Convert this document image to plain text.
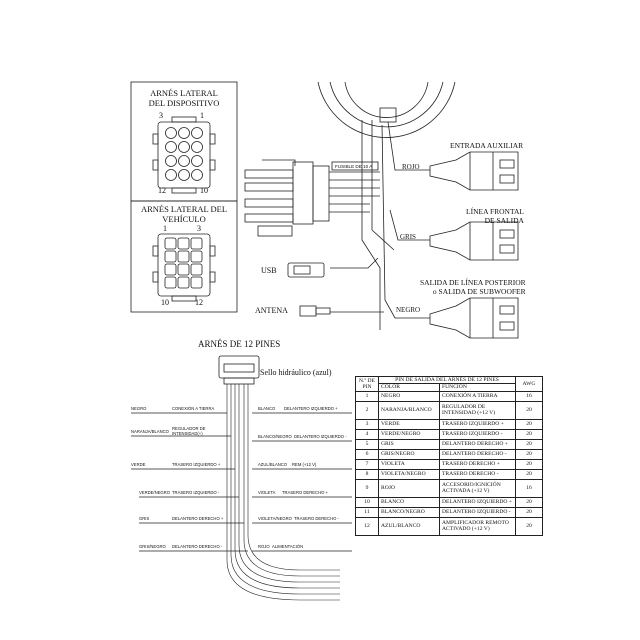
ARNÉS LATERAL
DEL DISPOSITIVO
3	1
12	10
ARNÉS LATERAL DEL
VEHÍCULO
1	3
10	12
FUSIBLE DE 10 A	ROJO
GRIS
NEGRO
ENTRADA AUXILIAR
LÍNEA FRONTAL
DE SALIDA
SALIDA DE LÍNEA POSTERIOR
o SALIDA DE SUBWOOFER
USB
ANTENA
ARNÉS DE 12 PINES
Sello hidráulico (azul)
NEGRO	CONEXIÓN A TIERRA
NARANJA/BLANCO
REGULADOR DE INTENSIDAD(+)
VERDE	TRASERO IZQUIERDO +
VERDE/NEGRO TRASERO IZQUIERDO -
GRIS	DELANTERO DERECHO +
GRIS/NEGRO DELANTERO DERECHO -
BLANCO DELANTERO IZQUIERDO +
BLANCO/NEGRO DELANTERO IZQUIERDO -
AZUL/BLANCO REM (+12 V)
VIOLETA TRASERO DERECHO +
VIOLETA/NEGRO TRASERO DERECHO -
ROJO ALIMENTACIÓN
N.º DE PIN	PIN DE SALIDA DEL ARNÉS DE 12 PINES		AWG
	COLOR	FUNCIÓN	
1	NEGRO	CONEXIÓN A TIERRA	16
2	NARANJA/BLANCO	REGULADOR DE INTENSIDAD (+12 V)	20
3	VERDE	TRASERO IZQUIERDO +	20
4	VERDE/NEGRO	TRASERO IZQUIERDO -	20
5	GRIS	DELANTERO DERECHO +	20
6	GRIS/NEGRO	DELANTERO DERECHO -	20
7	VIOLETA	TRASERO DERECHO +	20
8	VIOLETA/NEGRO	TRASERO DERECHO -	20
9	ROJO	ACCESORIO/IGNICIÓN ACTIVADA (+12 V)	16
10	BLANCO	DELANTERO IZQUIERDO +	20
11	BLANCO/NEGRO	DELANTERO IZQUIERDO -	20
12	AZUL/BLANCO	AMPLIFICADOR REMOTO ACTIVADO (+12 V)	20
